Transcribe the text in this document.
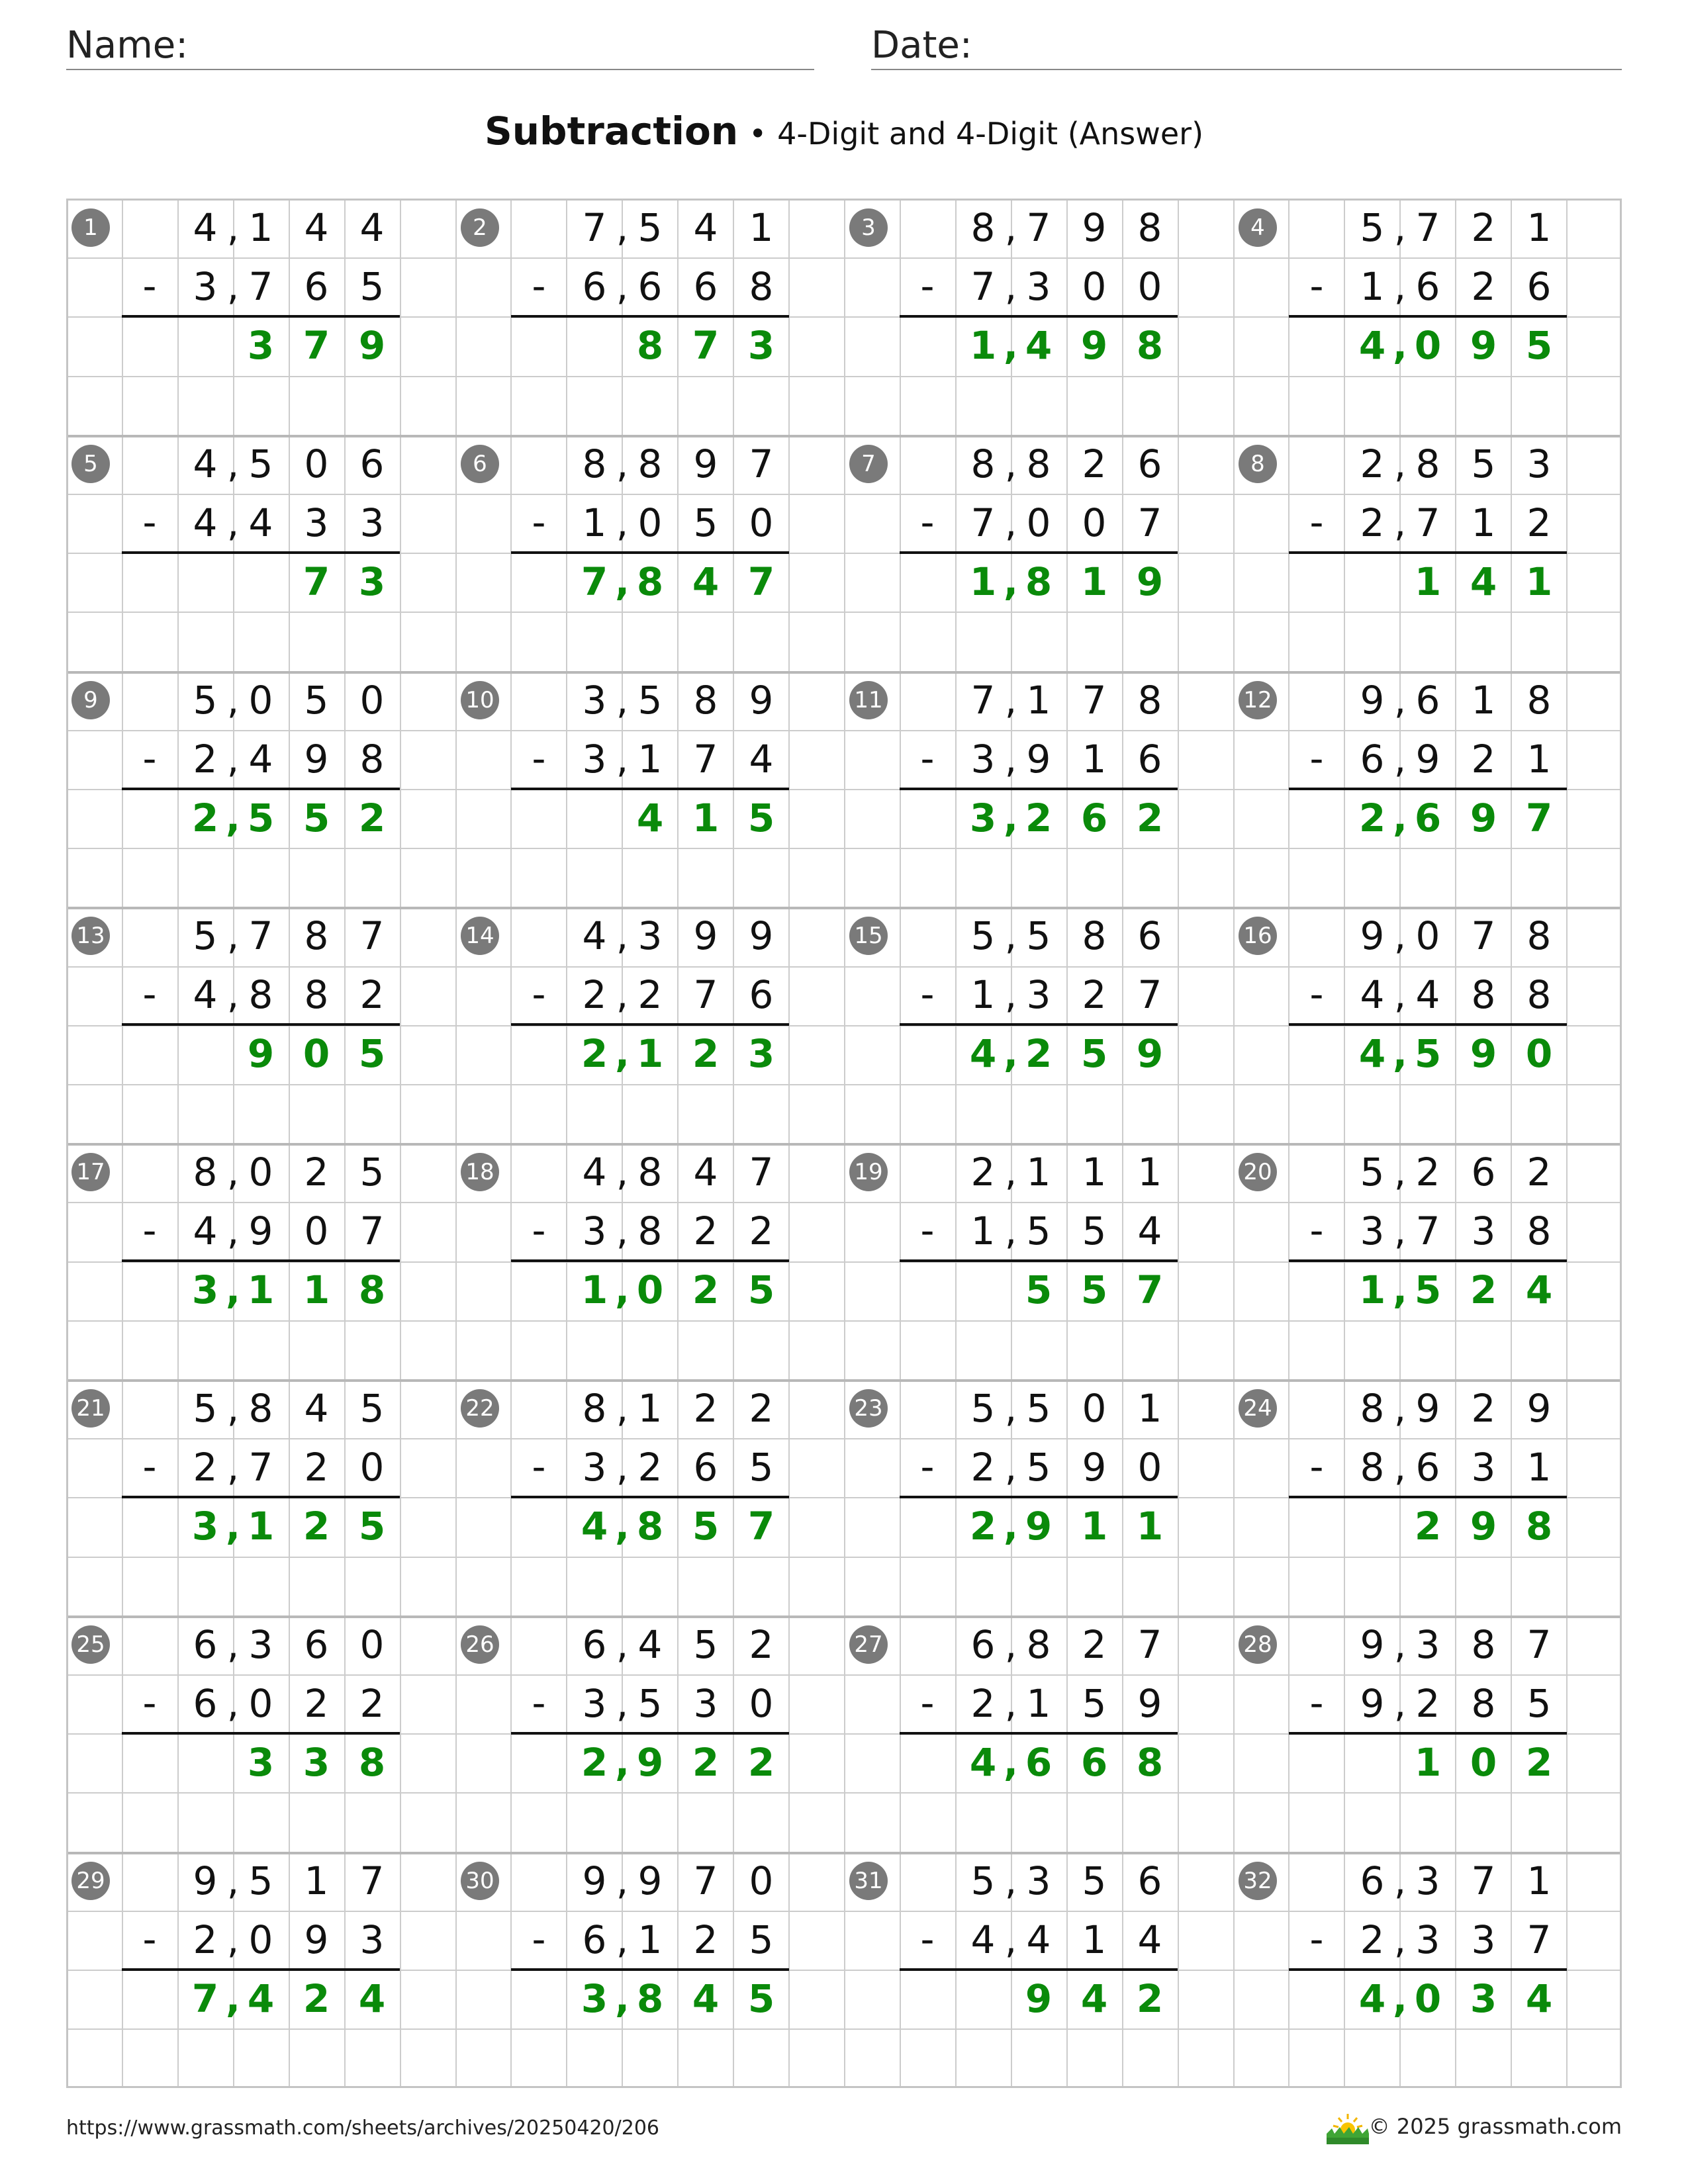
Name:	Date:
Subtraction • 4-Digit and 4-Digit (Answer)
1	4 1 4 4
,
- 3 7 6 5
,
3 7 9
2	7 5 4 1
,
- 6 6 6 8
,
8 7 3
3	8 7 9 8
,
- 7 3 0 0
,
1 4 9 8
,
4	5 7 2 1
,
- 1 6 2 6
,
4 0 9 5
,
5	4 5 0 6
,
- 4 4 3 3
,
7 3
6	8 8 9 7
,
- 1 0 5 0
,
7 8 4 7
,
7	8 8 2 6
,
- 7 0 0 7
,
1 8 1 9
,
8	2 8 5 3
,
- 2 7 1 2
,
1 4 1
9	5 0 5 0
,
- 2 4 9 8
,
2 5 5 2
,
10	3 5 8 9
,
- 3 1 7 4
,
4 1 5
11	7 1 7 8
,
- 3 9 1 6
,
3 2 6 2
,
12	9 6 1 8
,
- 6 9 2 1
,
2 6 9 7
,
13	5 7 8 7
,
- 4 8 8 2
,
9 0 5
14	4 3 9 9
,
- 2 2 7 6
,
2 1 2 3
,
15	5 5 8 6
,
- 1 3 2 7
,
4 2 5 9
,
16	9 0 7 8
,
- 4 4 8 8
,
4 5 9 0
,
17	8 0 2 5
,
- 4 9 0 7
,
3 1 1 8
,
18	4 8 4 7
,
- 3 8 2 2
,
1 0 2 5
,
19	2 1 1 1
,
- 1 5 5 4
,
5 5 7
20	5 2 6 2
,
- 3 7 3 8
,
1 5 2 4
,
21	5 8 4 5
,
- 2 7 2 0
,
3 1 2 5
,
22	8 1 2 2
,
- 3 2 6 5
,
4 8 5 7
,
23	5 5 0 1
,
- 2 5 9 0
,
2 9 1 1
,
24	8 9 2 9
,
- 8 6 3 1
,
2 9 8
25	6 3 6 0
,
- 6 0 2 2
,
3 3 8
26	6 4 5 2
,
- 3 5 3 0
,
2 9 2 2
,
27	6 8 2 7
,
- 2 1 5 9
,
4 6 6 8
,
28	9 3 8 7
,
- 9 2 8 5
,
1 0 2
29	9 5 1 7
,
- 2 0 9 3
,
7 4 2 4
,
30	9 9 7 0
,
- 6 1 2 5
,
3 8 4 5
,
31	5 3 5 6
,
- 4 4 1 4
,
9 4 2
32	6 3 7 1
,
- 2 3 3 7
,
4 0 3 4
,
https://www.grassmath.com/sheets/archives/20250420/206	© 2025 grassmath.com
